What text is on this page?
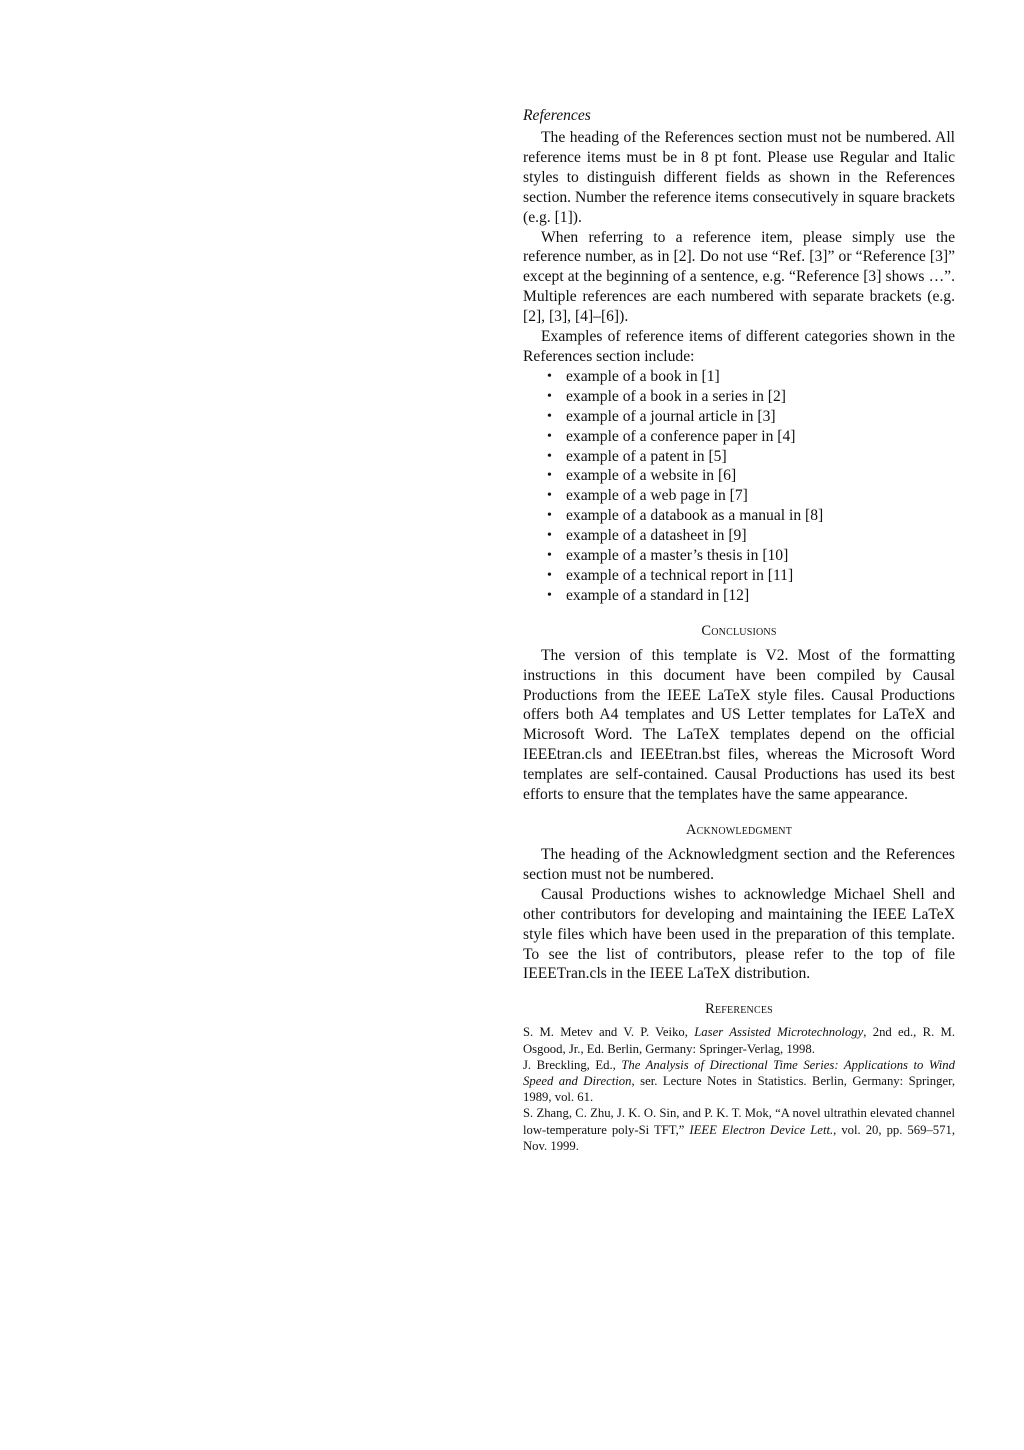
References

The heading of the References section must not be numbered. All reference items must be in 8 pt font. Please use Regular and Italic styles to distinguish different fields as shown in the References section. Number the reference items consecutively in square brackets (e.g. [1]).

When referring to a reference item, please simply use the reference number, as in [2]. Do not use “Ref. [3]” or “Reference [3]” except at the beginning of a sentence, e.g. “Reference [3] shows …”. Multiple references are each numbered with separate brackets (e.g. [2], [3], [4]–[6]).

Examples of reference items of different categories shown in the References section include:

• example of a book in [1]
• example of a book in a series in [2]
• example of a journal article in [3]
• example of a conference paper in [4]
• example of a patent in [5]
• example of a website in [6]
• example of a web page in [7]
• example of a databook as a manual in [8]
• example of a datasheet in [9]
• example of a master’s thesis in [10]
• example of a technical report in [11]
• example of a standard in [12]
Conclusions

The version of this template is V2. Most of the formatting instructions in this document have been compiled by Causal Productions from the IEEE LaTeX style files. Causal Productions offers both A4 templates and US Letter templates for LaTeX and Microsoft Word. The LaTeX templates depend on the official IEEEtran.cls and IEEEtran.bst files, whereas the Microsoft Word templates are self-contained. Causal Productions has used its best efforts to ensure that the templates have the same appearance.

Acknowledgment

The heading of the Acknowledgment section and the References section must not be numbered.

Causal Productions wishes to acknowledge Michael Shell and other contributors for developing and maintaining the IEEE LaTeX style files which have been used in the preparation of this template. To see the list of contributors, please refer to the top of file IEEETran.cls in the IEEE LaTeX distribution.

References

S. M. Metev and V. P. Veiko, Laser Assisted Microtechnology, 2nd ed., R. M. Osgood, Jr., Ed. Berlin, Germany: Springer-Verlag, 1998.

J. Breckling, Ed., The Analysis of Directional Time Series: Applications to Wind Speed and Direction, ser. Lecture Notes in Statistics. Berlin, Germany: Springer, 1989, vol. 61.

S. Zhang, C. Zhu, J. K. O. Sin, and P. K. T. Mok, “A novel ultrathin elevated channel low-temperature poly-Si TFT,” IEEE Electron Device Lett., vol. 20, pp. 569–571, Nov. 1999.
